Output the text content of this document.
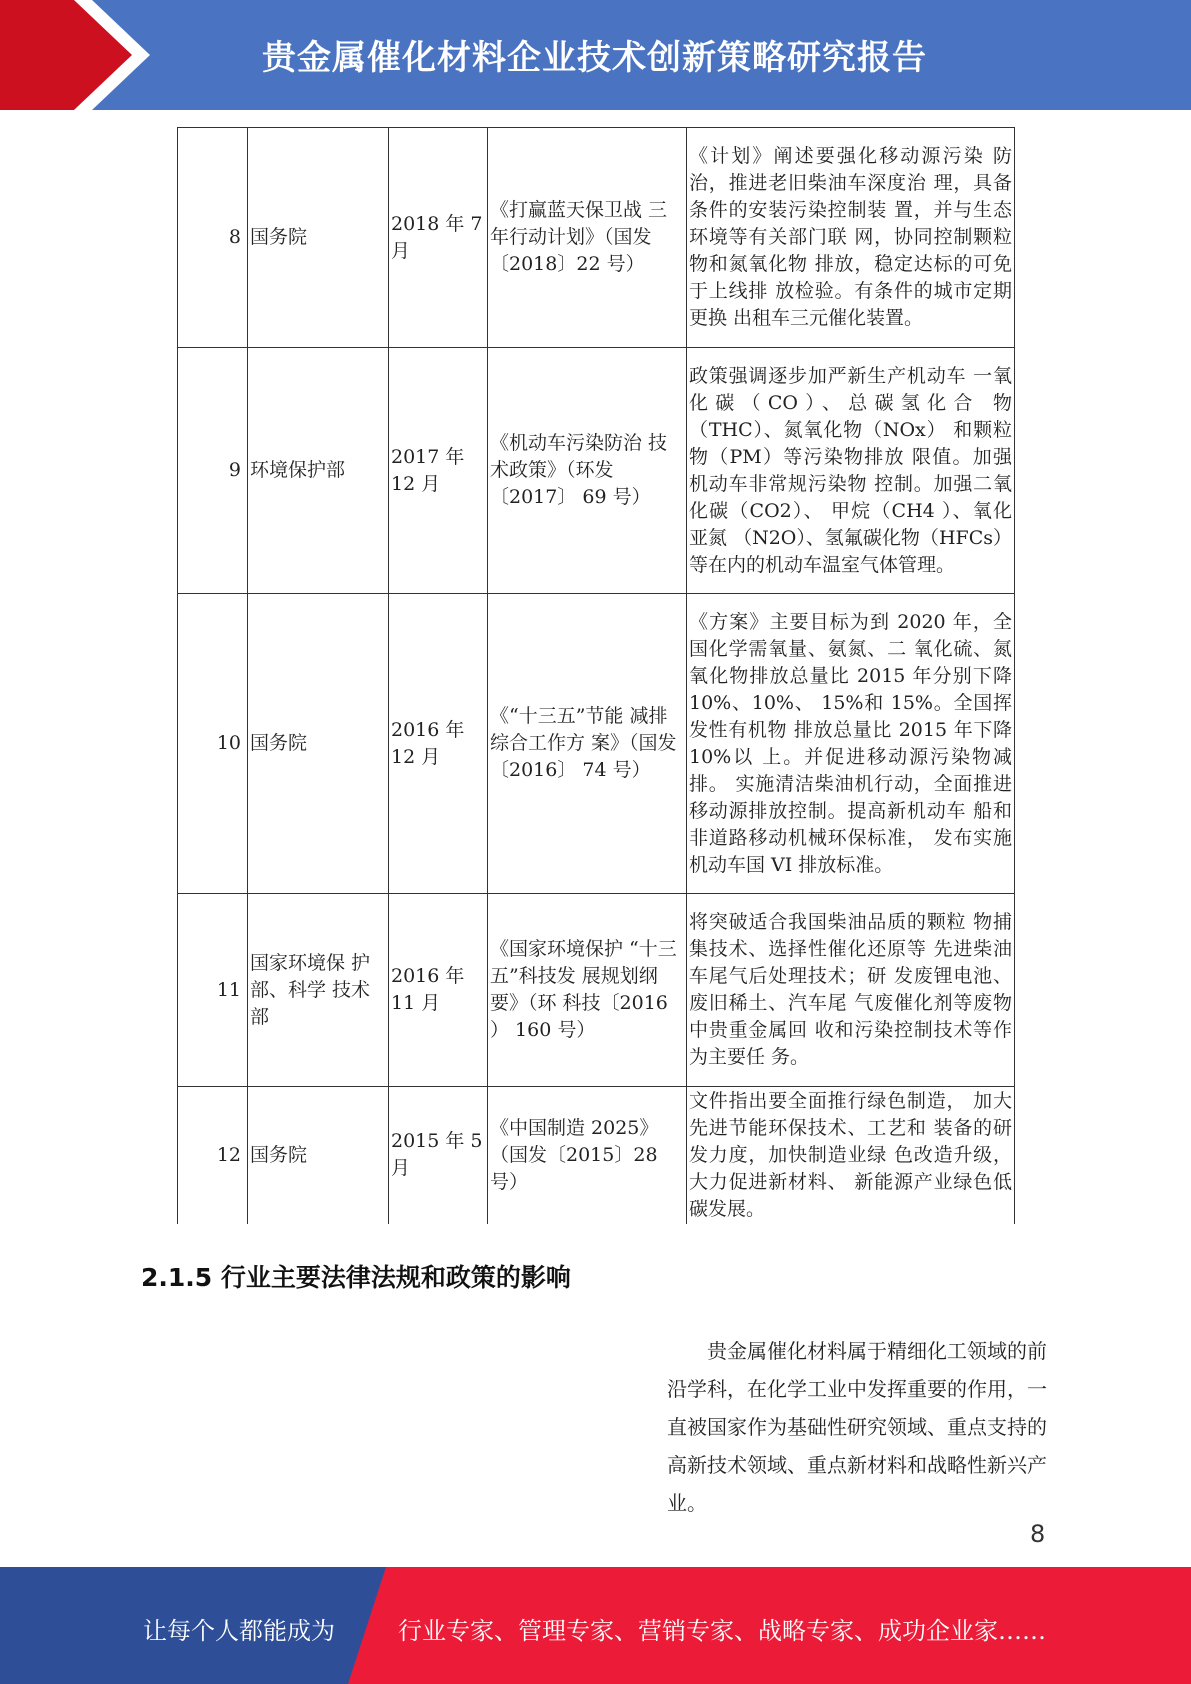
贵金属催化材料企业技术创新策略研究报告
8	国务院	2018 年 7 月	《打赢蓝天保卫战 三年行动计划》（国发〔2018〕22 号）	《计划》阐述要强化移动源污染 防治，推进老旧柴油车深度治 理，具备条件的安装污染控制装 置，并与生态环境等有关部门联 网，协同控制颗粒物和氮氧化物 排放，稳定达标的可免于上线排 放检验。有条件的城市定期更换 出租车三元催化装置。
9	环境保护部	2017 年 12 月	《机动车污染防治 技术政策》（环发〔2017〕 69 号）	政策强调逐步加严新生产机动车 一氧化碳（CO）、总碳氢化合 物（THC）、氮氧化物（NOx） 和颗粒物（PM）等污染物排放 限值。加强机动车非常规污染物 控制。加强二氧化碳（CO2）、 甲烷（CH4 ）、氧化亚氮 （N2O）、氢氟碳化物（HFCs）等在内的机动车温室气体管理。
10	国务院	2016 年 12 月	《“十三五”节能 减排综合工作方 案》（国发〔2016〕 74 号）	《方案》主要目标为到 2020 年，全国化学需氧量、氨氮、二 氧化硫、氮氧化物排放总量比 2015 年分别下降 10%、10%、 15%和 15%。全国挥发性有机物 排放总量比 2015 年下降 10%以 上。并促进移动源污染物减排。 实施清洁柴油机行动，全面推进移动源排放控制。提高新机动车 船和非道路移动机械环保标准， 发布实施机动车国 VI 排放标准。
11	国家环境保 护部、科学 技术部	2016 年 11 月	《国家环境保护 “十三五”科技发 展规划纲要》（环 科技〔2016 ） 160 号）	将突破适合我国柴油品质的颗粒 物捕集技术、选择性催化还原等 先进柴油车尾气后处理技术；研 发废锂电池、废旧稀土、汽车尾 气废催化剂等废物中贵重金属回 收和污染控制技术等作为主要任 务。
12	国务院	2015 年 5 月	《中国制造 2025》（国发〔2015〕28 号）	文件指出要全面推行绿色制造， 加大先进节能环保技术、工艺和 装备的研发力度，加快制造业绿 色改造升级，大力促进新材料、 新能源产业绿色低碳发展。
2.1.5 行业主要法律法规和政策的影响

贵金属催化材料属于精细化工领域的前沿学科，在化学工业中发挥重要的作用，一直被国家作为基础性研究领域、重点支持的高新技术领域、重点新材料和战略性新兴产业。

8
让每个人都能成为	行业专家、管理专家、营销专家、战略专家、成功企业家……
